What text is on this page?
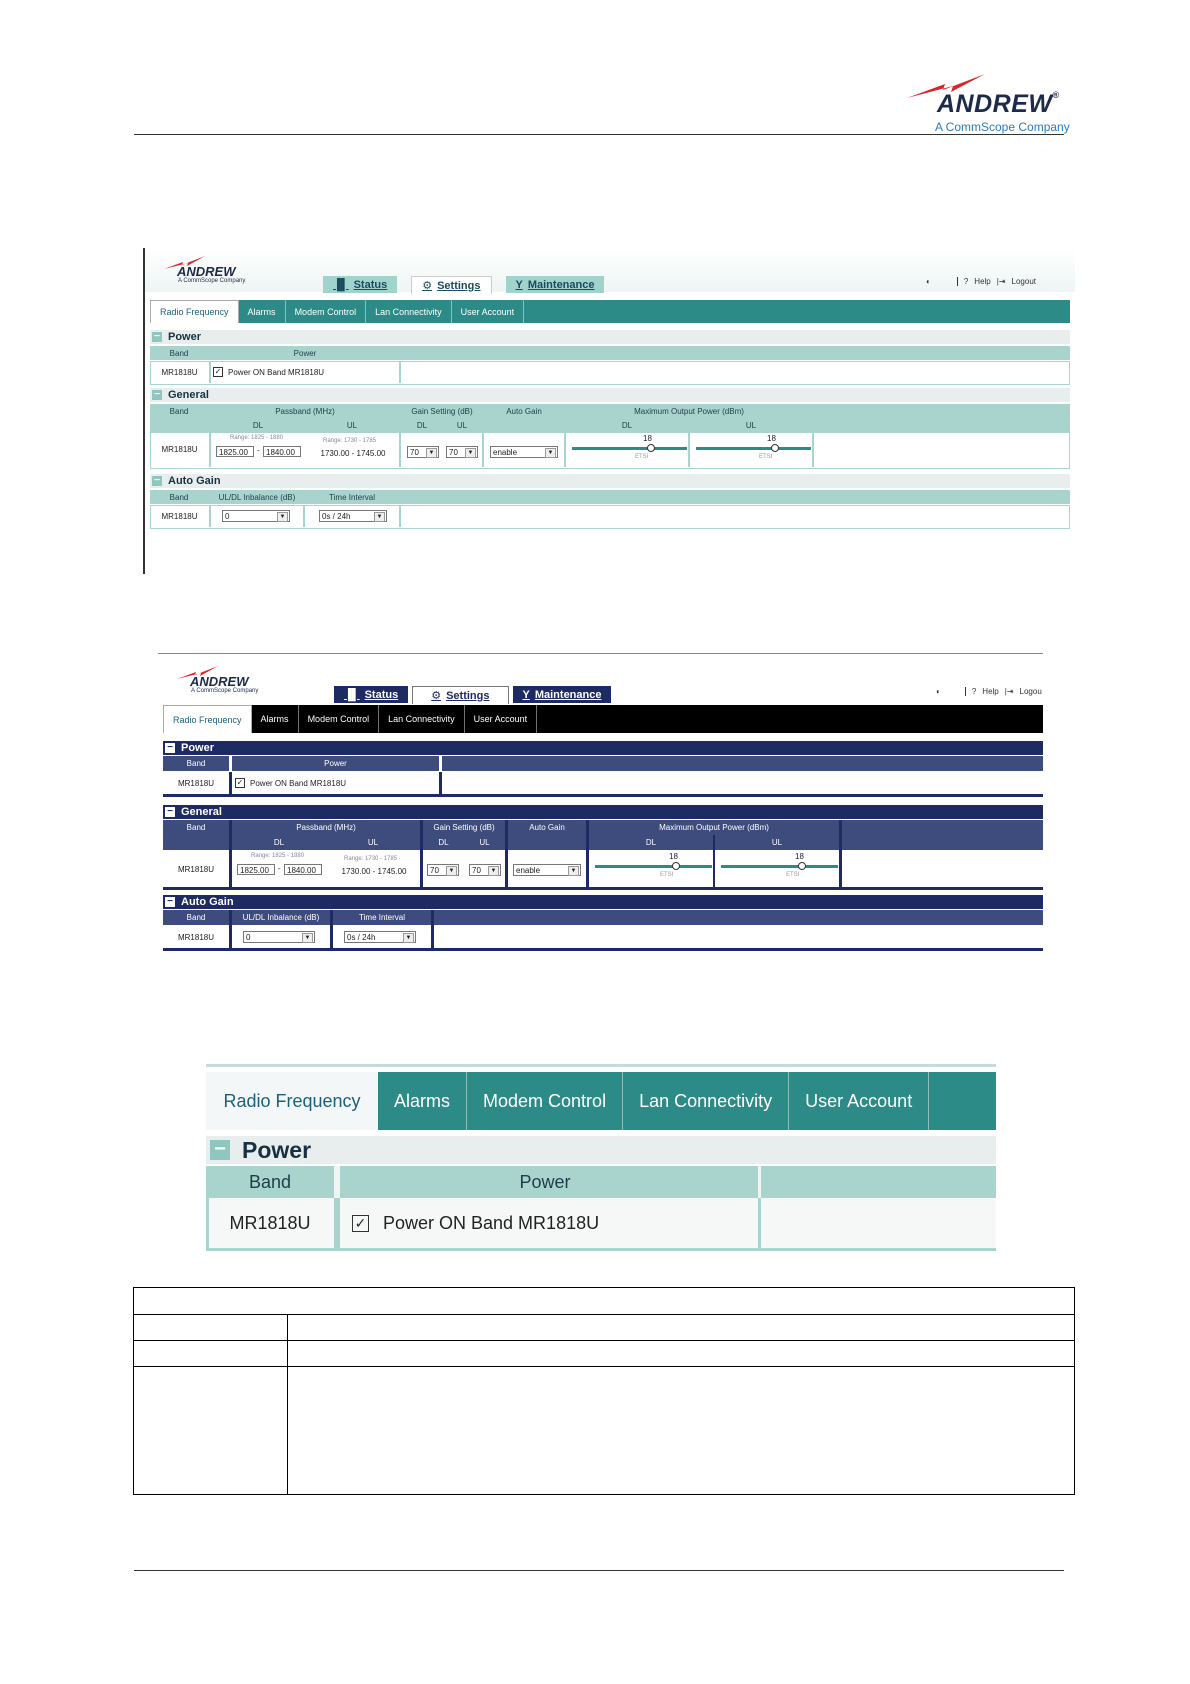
ANDREW®
A CommScope Company
ANDREW
A CommScope Company	▐▌ Status	⚙ Settings	Y Maintenance	◐	? Help |⇥ Logout
Radio Frequency	Alarms	Modem Control	Lan Connectivity	User Account
− Power
Band	Power
MR1818U	✓ Power ON Band MR1818U
− General
Band	Passband (MHz)	Gain Setting (dB)	Auto Gain	Maximum Output Power (dBm)
DL	UL	DL	UL	DL	UL
MR1818U
Range: 1825 - 1880
1825.00	- 1840.00
Range: 1730 - 1785
1730.00 - 1745.00	70	▼	70	▼	enable	▼
18
ETSI
18
ETSI
− Auto Gain
Band	UL/DL Inbalance (dB)	Time Interval
MR1818U	0	▼	0s / 24h	▼
ANDREW
A CommScope Company	▐▌ Status	⚙ Settings	Y Maintenance	◐	? Help |⇥ Logou
Radio Frequency	Alarms	Modem Control	Lan Connectivity	User Account
− Power
Band	Power
MR1818U	✓ Power ON Band MR1818U
− General
Band	Passband (MHz)	Gain Setting (dB)	Auto Gain	Maximum Output Power (dBm)
DL	UL	DL	UL	DL	UL
MR1818U
Range: 1825 - 1880
1825.00	- 1840.00
Range: 1730 - 1785
1730.00 - 1745.00	70	▼	70	▼	enable	▼
18
ETSI
18
ETSI
− Auto Gain
Band	UL/DL Inbalance (dB)	Time Interval
MR1818U	0	▼	0s / 24h	▼
Radio Frequency	Alarms	Modem Control	Lan Connectivity	User Account
− Power
Band	Power
MR1818U	✓ Power ON Band MR1818U
